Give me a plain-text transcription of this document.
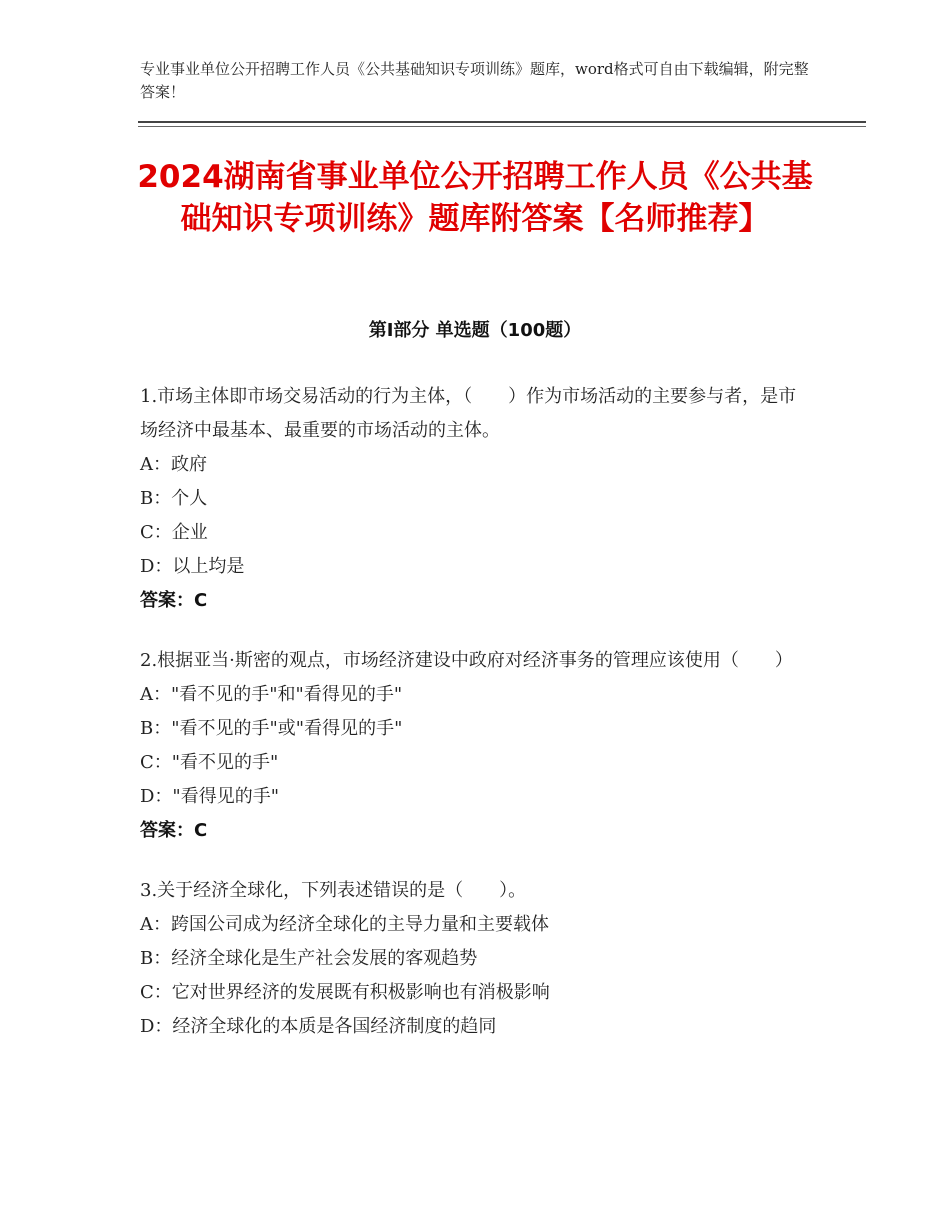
专业事业单位公开招聘工作人员《公共基础知识专项训练》题库，word格式可自由下载编辑，附完整答案！
2024湖南省事业单位公开招聘工作人员《公共基础知识专项训练》题库附答案【名师推荐】
第Ⅰ部分 单选题（100题）
1.市场主体即市场交易活动的行为主体，（　　）作为市场活动的主要参与者，是市场经济中最基本、最重要的市场活动的主体。
A：政府
B：个人
C：企业
D：以上均是
答案：C
2.根据亚当·斯密的观点，市场经济建设中政府对经济事务的管理应该使用（　　）
A："看不见的手"和"看得见的手"
B："看不见的手"或"看得见的手"
C："看不见的手"
D："看得见的手"
答案：C
3.关于经济全球化，下列表述错误的是（　　）。
A：跨国公司成为经济全球化的主导力量和主要载体
B：经济全球化是生产社会发展的客观趋势
C：它对世界经济的发展既有积极影响也有消极影响
D：经济全球化的本质是各国经济制度的趋同
